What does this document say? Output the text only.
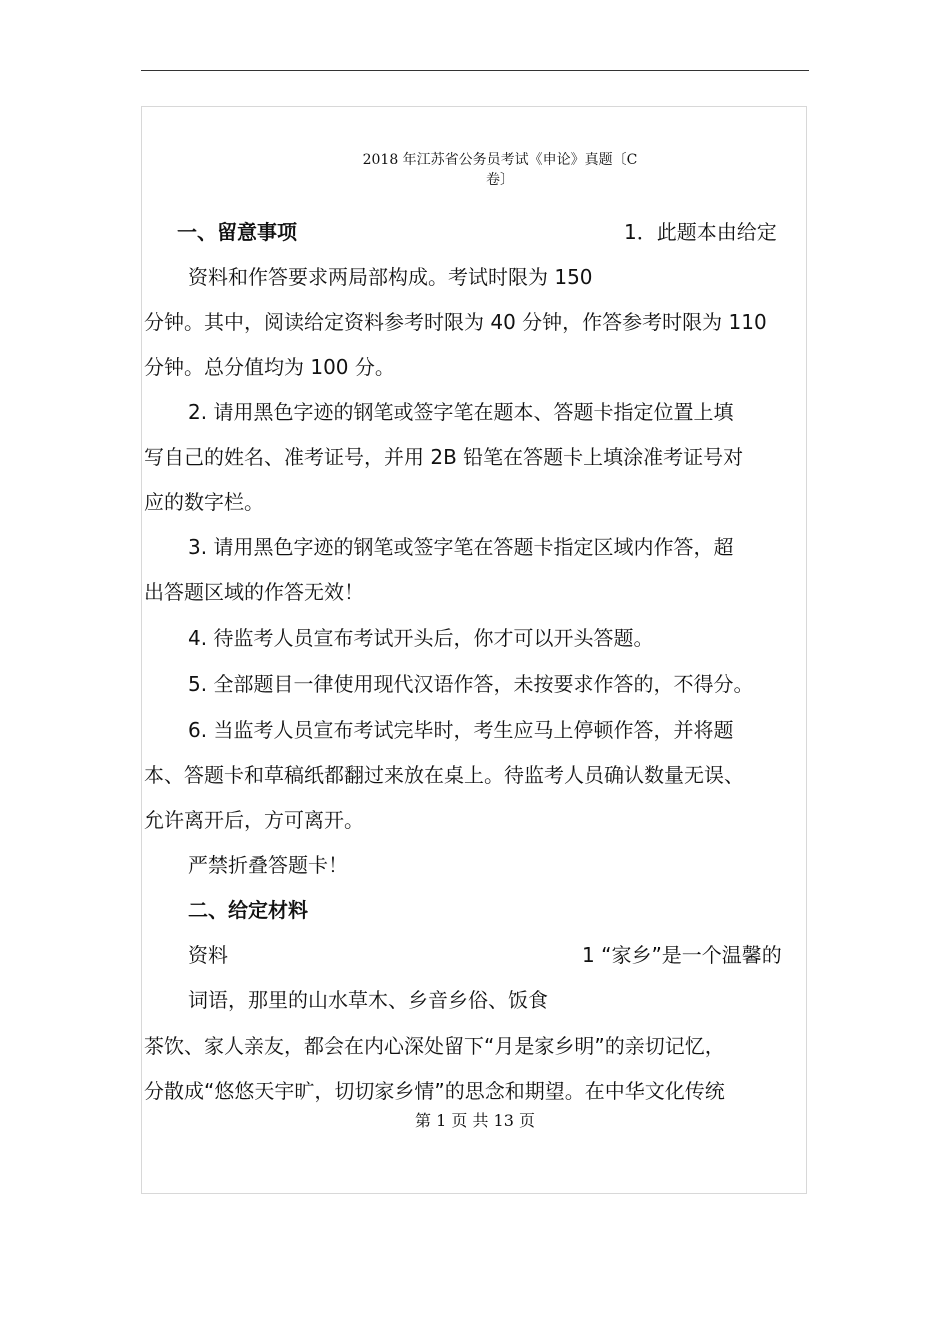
2018 年江苏省公务员考试《申论》真题〔C
卷〕
一、留意事项	1．此题本由给定
资料和作答要求两局部构成。考试时限为 150
分钟。其中，阅读给定资料参考时限为 40 分钟，作答参考时限为 110
分钟。总分值均为 100 分。
2. 请用黑色字迹的钢笔或签字笔在题本、答题卡指定位置上填
写自己的姓名、准考证号，并用 2B 铅笔在答题卡上填涂准考证号对
应的数字栏。
3. 请用黑色字迹的钢笔或签字笔在答题卡指定区域内作答，超
出答题区域的作答无效！
4. 待监考人员宣布考试开头后，你才可以开头答题。
5. 全部题目一律使用现代汉语作答，未按要求作答的，不得分。
6. 当监考人员宣布考试完毕时，考生应马上停顿作答，并将题
本、答题卡和草稿纸都翻过来放在桌上。待监考人员确认数量无误、
允许离开后，方可离开。
严禁折叠答题卡！
二、给定材料
资料	1 “家乡”是一个温馨的
词语，那里的山水草木、乡音乡俗、饭食
茶饮、家人亲友，都会在内心深处留下“月是家乡明”的亲切记忆，
分散成“悠悠天宇旷，切切家乡情”的思念和期望。在中华文化传统
第 1 页 共 13 页
